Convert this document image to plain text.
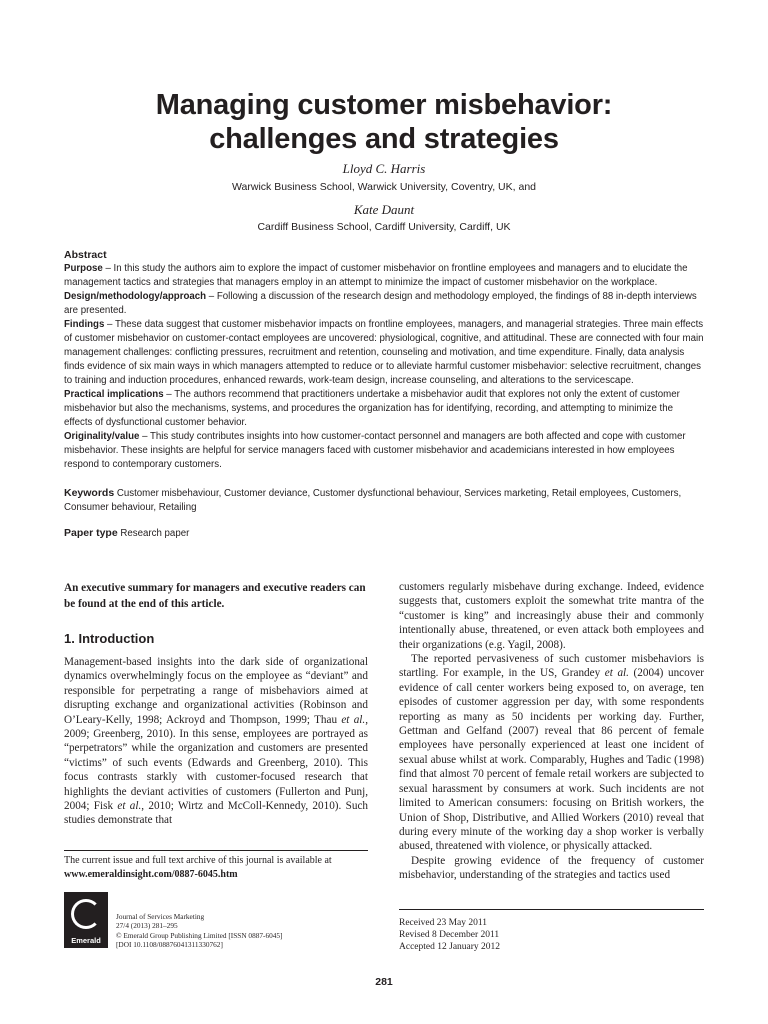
Managing customer misbehavior:
challenges and strategies
Lloyd C. Harris
Warwick Business School, Warwick University, Coventry, UK, and
Kate Daunt
Cardiff Business School, Cardiff University, Cardiff, UK

Abstract

Purpose – In this study the authors aim to explore the impact of customer misbehavior on frontline employees and managers and to elucidate the management tactics and strategies that managers employ in an attempt to minimize the impact of customer misbehavior on the workplace.

Design/methodology/approach – Following a discussion of the research design and methodology employed, the findings of 88 in-depth interviews are presented.

Findings – These data suggest that customer misbehavior impacts on frontline employees, managers, and managerial strategies. Three main effects of customer misbehavior on customer-contact employees are uncovered: physiological, cognitive, and attitudinal. These are connected with four main management challenges: conflicting pressures, recruitment and retention, counseling and motivation, and time expenditure. Finally, data analysis finds evidence of six main ways in which managers attempted to reduce or to alleviate harmful customer misbehavior: selective recruitment, changes to training and induction procedures, enhanced rewards, work-team design, increase counseling, and alterations to the servicescape.

Practical implications – The authors recommend that practitioners undertake a misbehavior audit that explores not only the extent of customer misbehavior but also the mechanisms, systems, and procedures the organization has for identifying, recording, and attempting to minimize the effects of dysfunctional customer behavior.

Originality/value – This study contributes insights into how customer-contact personnel and managers are both affected and cope with customer misbehavior. These insights are helpful for service managers faced with customer misbehavior and academicians interested in how employees respond to contemporary customers.

Keywords Customer misbehaviour, Customer deviance, Customer dysfunctional behaviour, Services marketing, Retail employees, Customers, Consumer behaviour, Retailing
Paper type Research paper
An executive summary for managers and executive readers can be found at the end of this article.
1. Introduction

Management-based insights into the dark side of organizational dynamics overwhelmingly focus on the employee as “deviant” and responsible for perpetrating a range of misbehaviors aimed at disrupting exchange and organizational activities (Robinson and O’Leary-Kelly, 1998; Ackroyd and Thompson, 1999; Thau et al., 2009; Greenberg, 2010). In this sense, employees are portrayed as “perpetrators” while the organization and customers are presented “victims” of such events (Edwards and Greenberg, 2010). This focus contrasts starkly with customer-focused research that highlights the deviant activities of customers (Fullerton and Punj, 2004; Fisk et al., 2010; Wirtz and McColl-Kennedy, 2010). Such studies demonstrate that

customers regularly misbehave during exchange. Indeed, evidence suggests that, customers exploit the somewhat trite mantra of the “customer is king” and increasingly abuse their and commonly intentionally abuse, threatened, or even attack both employees and their organizations (e.g. Yagil, 2008).

The reported pervasiveness of such customer misbehaviors is startling. For example, in the US, Grandey et al. (2004) uncover evidence of call center workers being exposed to, on average, ten episodes of customer aggression per day, with some respondents reporting as many as 50 incidents per working day. Further, Gettman and Gelfand (2007) reveal that 86 percent of female employees have personally experienced at least one incident of sexual abuse whilst at work. Comparably, Hughes and Tadic (1998) find that almost 70 percent of female retail workers are subjected to sexual harassment by consumers at work. Such incidents are not limited to American consumers: focusing on British workers, the Union of Shop, Distributive, and Allied Workers (2010) reveal that during every minute of the working day a shop worker is verbally abused, threatened with violence, or physically attacked.

Despite growing evidence of the frequency of customer misbehavior, understanding of the strategies and tactics used

The current issue and full text archive of this journal is available at
www.emeraldinsight.com/0887-6045.htm
Emerald

Journal of Services Marketing

27/4 (2013) 281–295

© Emerald Group Publishing Limited [ISSN 0887-6045]

[DOI 10.1108/08876041311330762]

Received 23 May 2011

Revised 8 December 2011

Accepted 12 January 2012

281
